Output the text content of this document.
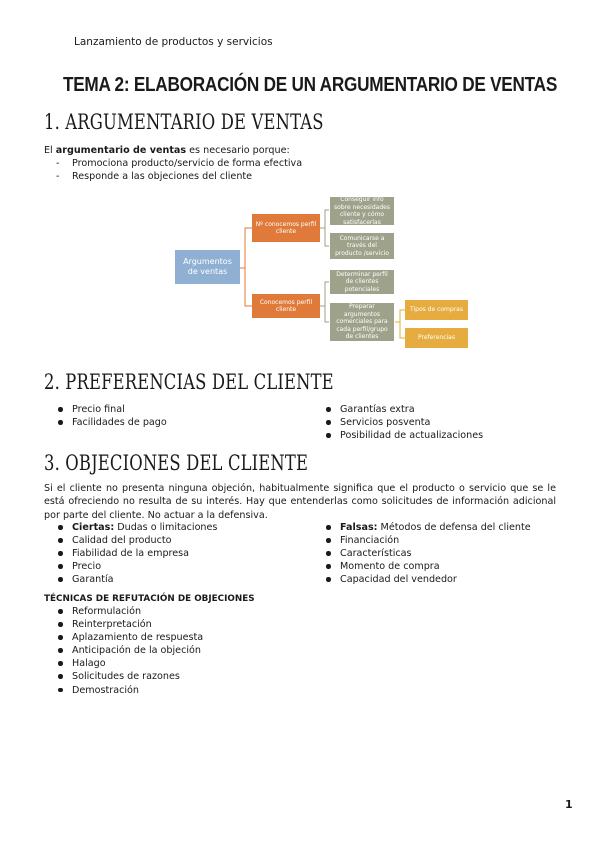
Lanzamiento de productos y servicios
TEMA 2: ELABORACIÓN DE UN ARGUMENTARIO DE VENTAS
1. ARGUMENTARIO DE VENTAS
El argumentario de ventas es necesario porque:
- Promociona producto/servicio de forma efectiva
- Responde a las objeciones del cliente
Argumentos de ventas
Nº conocemos perfil cliente
Conocemos perfil cliente
Conseguir info sobre necesidades cliente y cómo satisfacerlas
Comunicarse a través del producto /servicio
Determinar perfil de clientes potenciales
Preparar argumentos comerciales para cada perfil/grupo de clientes
Tipos de compras
Preferencias
2. PREFERENCIAS DEL CLIENTE
Precio final
Facilidades de pago
Garantías extra
Servicios posventa
Posibilidad de actualizaciones
3. OBJECIONES DEL CLIENTE
Si el cliente no presenta ninguna objeción, habitualmente significa que el producto o servicio que se le está ofreciendo no resulta de su interés. Hay que entenderlas como solicitudes de información adicional por parte del cliente. No actuar a la defensiva.
Ciertas: Dudas o limitaciones
Calidad del producto
Fiabilidad de la empresa
Precio
Garantía
Falsas: Métodos de defensa del cliente
Financiación
Características
Momento de compra
Capacidad del vendedor
TÉCNICAS DE REFUTACIÓN DE OBJECIONES
Reformulación
Reinterpretación
Aplazamiento de respuesta
Anticipación de la objeción
Halago
Solicitudes de razones
Demostración
1
